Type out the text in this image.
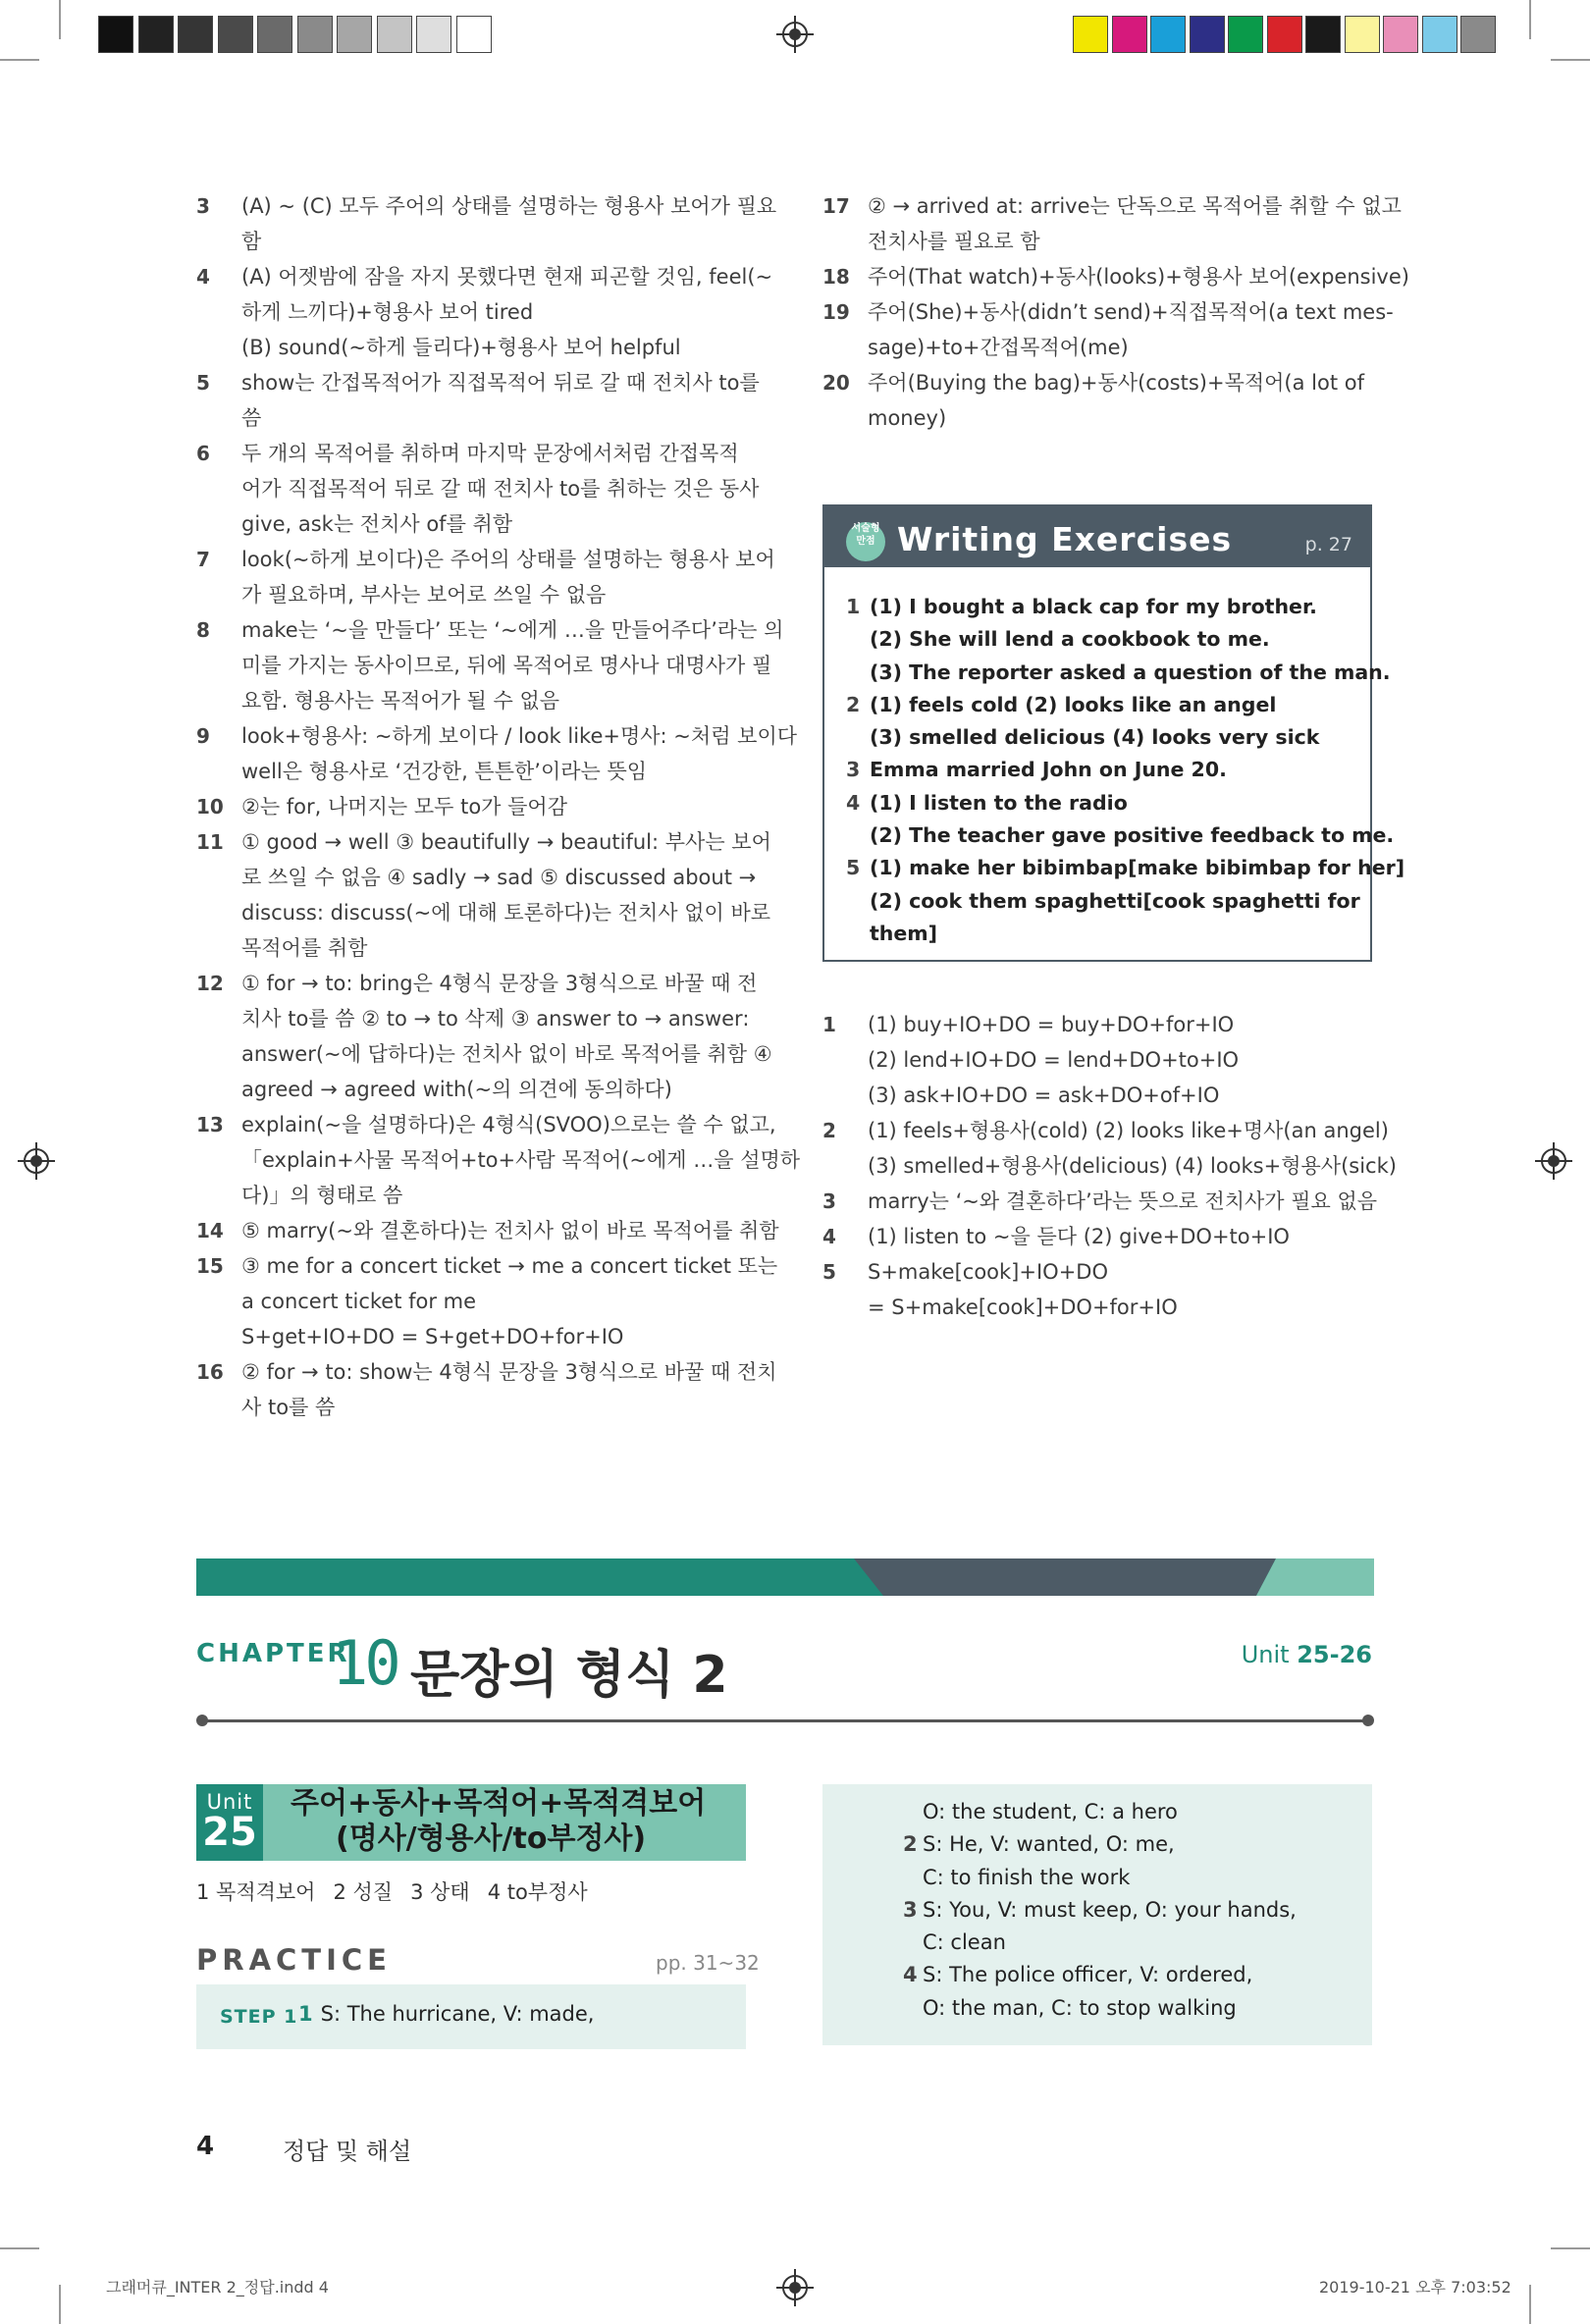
3	(A) ~ (C) 모두 주어의 상태를 설명하는 형용사 보어가 필요
함
4	(A) 어젯밤에 잠을 자지 못했다면 현재 피곤할 것임, feel(~
하게 느끼다)+형용사 보어 tired
(B) sound(~하게 들리다)+형용사 보어 helpful
5	show는 간접목적어가 직접목적어 뒤로 갈 때 전치사 to를
씀
6	두 개의 목적어를 취하며 마지막 문장에서처럼 간접목적
어가 직접목적어 뒤로 갈 때 전치사 to를 취하는 것은 동사
give, ask는 전치사 of를 취함
7	look(~하게 보이다)은 주어의 상태를 설명하는 형용사 보어
가 필요하며, 부사는 보어로 쓰일 수 없음
8	make는 ‘~을 만들다’ 또는 ‘~에게 …을 만들어주다’라는 의
미를 가지는 동사이므로, 뒤에 목적어로 명사나 대명사가 필
요함. 형용사는 목적어가 될 수 없음
9	look+형용사: ~하게 보이다 / look like+명사: ~처럼 보이다
well은 형용사로 ‘건강한, 튼튼한’이라는 뜻임
10 ②는 for, 나머지는 모두 to가 들어감
11 ① good → well ③ beautifully → beautiful: 부사는 보어
로 쓰일 수 없음 ④ sadly → sad ⑤ discussed about →
discuss: discuss(~에 대해 토론하다)는 전치사 없이 바로
목적어를 취함
12 ① for → to: bring은 4형식 문장을 3형식으로 바꿀 때 전
치사 to를 씀 ② to → to 삭제 ③ answer to → answer:
answer(~에 답하다)는 전치사 없이 바로 목적어를 취함 ④
agreed → agreed with(~의 의견에 동의하다)
13 explain(~을 설명하다)은 4형식(SVOO)으로는 쓸 수 없고,
「explain+사물 목적어+to+사람 목적어(~에게 …을 설명하
다)」의 형태로 씀
14 ⑤ marry(~와 결혼하다)는 전치사 없이 바로 목적어를 취함
15 ③ me for a concert ticket → me a concert ticket 또는
a concert ticket for me
S+get+IO+DO = S+get+DO+for+IO
16 ② for → to: show는 4형식 문장을 3형식으로 바꿀 때 전치
사 to를 씀
17 ② → arrived at: arrive는 단독으로 목적어를 취할 수 없고
전치사를 필요로 함
18 주어(That watch)+동사(looks)+형용사 보어(expensive)
19 주어(She)+동사(didn’t send)+직접목적어(a text mes-
sage)+to+간접목적어(me)
20 주어(Buying the bag)+동사(costs)+목적어(a lot of
money)
서술형 만점 Writing Exercises	p. 27
1 (1) I bought a black cap for my brother.
(2) She will lend a cookbook to me.
(3) The reporter asked a question of the man.
2 (1) feels cold (2) looks like an angel
(3) smelled delicious (4) looks very sick
3 Emma married John on June 20.
4 (1) I listen to the radio
(2) The teacher gave positive feedback to me.
5 (1) make her bibimbap[make bibimbap for her]
(2) cook them spaghetti[cook spaghetti for
them]
1	(1) buy+IO+DO = buy+DO+for+IO
(2) lend+IO+DO = lend+DO+to+IO
(3) ask+IO+DO = ask+DO+of+IO
2	(1) feels+형용사(cold) (2) looks like+명사(an angel)
(3) smelled+형용사(delicious) (4) looks+형용사(sick)
3	marry는 ‘~와 결혼하다’라는 뜻으로 전치사가 필요 없음
4	(1) listen to ~을 듣다 (2) give+DO+to+IO
5	S+make[cook]+IO+DO
= S+make[cook]+DO+for+IO
CHAPTER
10 문장의 형식 2	Unit 25-26
Unit
25
주어+동사+목적어+목적격보어
(명사/형용사/to부정사)
1 목적격보어 2 성질 3 상태 4 to부정사
PRACTICE	pp. 31~32
STEP 1 1 S: The hurricane, V: made,
O: the student, C: a hero
2 S: He, V: wanted, O: me,
C: to finish the work
3 S: You, V: must keep, O: your hands,
C: clean
4 S: The police officer, V: ordered,
O: the man, C: to stop walking
4	정답 및 해설
그래머큐_INTER 2_정답.indd 4	2019-10-21 오후 7:03:52
